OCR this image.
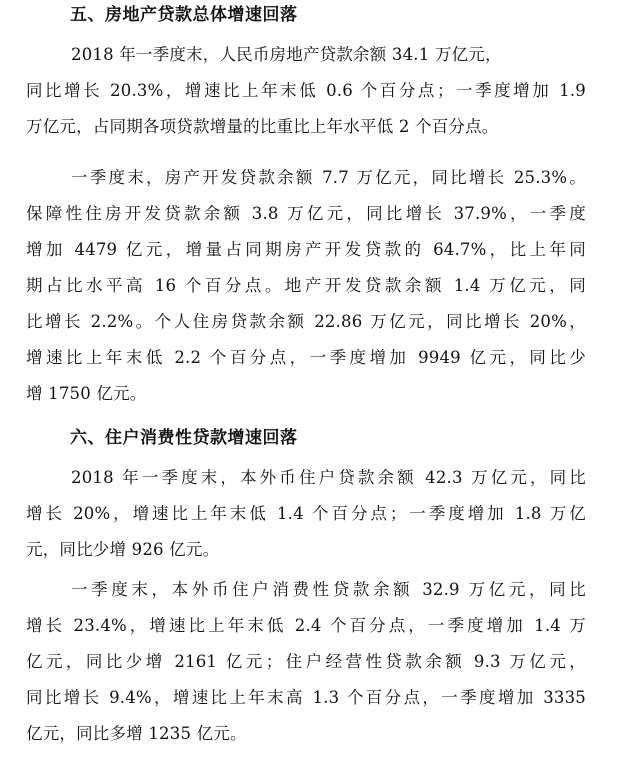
五、房地产贷款总体增速回落
2018 年一季度末，人民币房地产贷款余额 34.1 万亿元，
同比增长 20.3%，增速比上年末低 0.6 个百分点；一季度增加 1.9
万亿元，占同期各项贷款增量的比重比上年水平低 2 个百分点。
一季度末，房产开发贷款余额 7.7 万亿元，同比增长 25.3%。
保障性住房开发贷款余额 3.8 万亿元，同比增长 37.9%，一季度
增加 4479 亿元，增量占同期房产开发贷款的 64.7%，比上年同
期占比水平高 16 个百分点。地产开发贷款余额 1.4 万亿元，同
比增长 2.2%。个人住房贷款余额 22.86 万亿元，同比增长 20%，
增速比上年末低 2.2 个百分点，一季度增加 9949 亿元，同比少
增 1750 亿元。
六、住户消费性贷款增速回落
2018 年一季度末，本外币住户贷款余额 42.3 万亿元，同比
增长 20%，增速比上年末低 1.4 个百分点；一季度增加 1.8 万亿
元，同比少增 926 亿元。
一季度末，本外币住户消费性贷款余额 32.9 万亿元，同比
增长 23.4%，增速比上年末低 2.4 个百分点，一季度增加 1.4 万
亿元，同比少增 2161 亿元；住户经营性贷款余额 9.3 万亿元，
同比增长 9.4%，增速比上年末高 1.3 个百分点，一季度增加 3335
亿元，同比多增 1235 亿元。
